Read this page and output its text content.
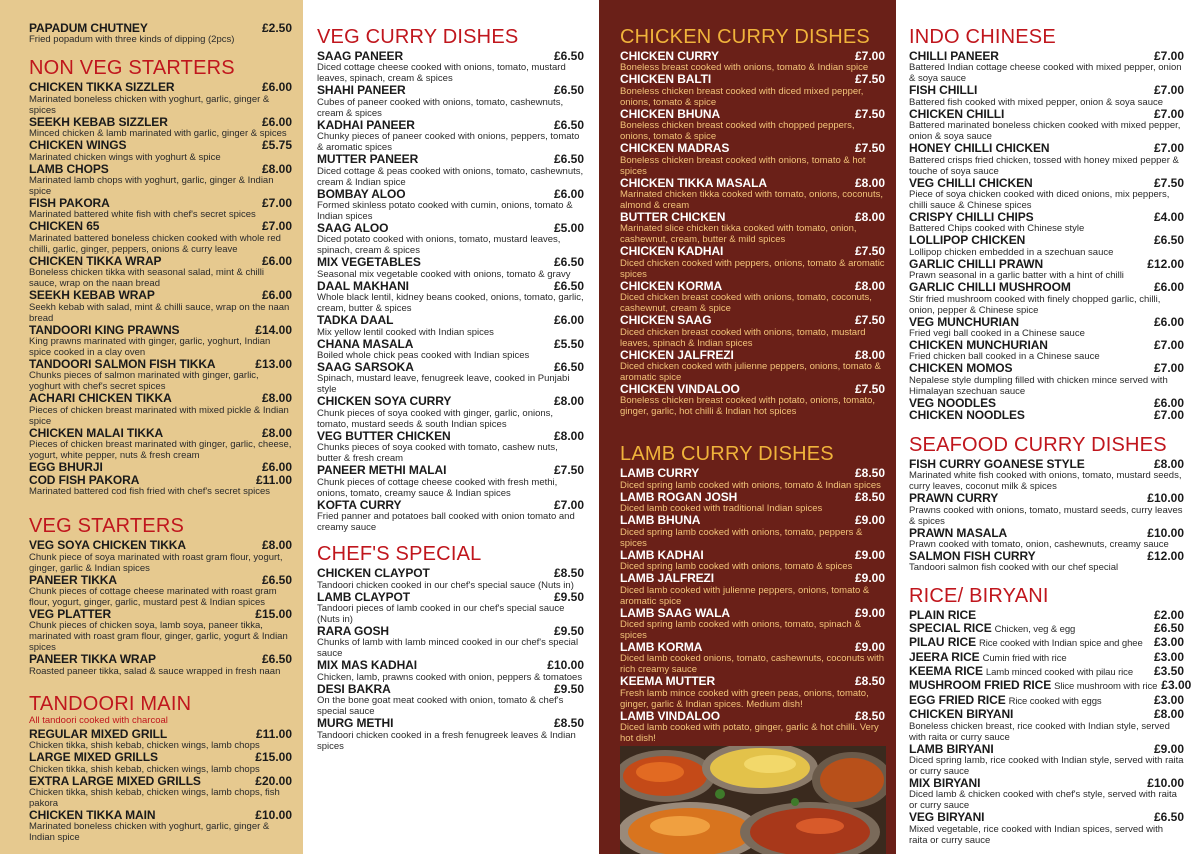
PAPADUM CHUTNEY	£2.50
Fried popadum with three kinds of dipping (2pcs)
NON VEG STARTERS
CHICKEN TIKKA SIZZLER	£6.00
Marinated boneless chicken with yoghurt, garlic, ginger & spices
SEEKH KEBAB SIZZLER	£6.00
Minced chicken & lamb marinated with garlic, ginger & spices
CHICKEN WINGS	£5.75
Marinated chicken wings with yoghurt & spice
LAMB CHOPS	£8.00
Marinated lamb chops with yoghurt, garlic, ginger & Indian spice
FISH PAKORA	£7.00
Marinated battered white fish with chef's secret spices
CHICKEN 65	£7.00
Marinated battered boneless chicken cooked with whole red chilli, garlic, ginger, peppers, onions & curry leave
CHICKEN TIKKA WRAP	£6.00
Boneless chicken tikka with seasonal salad, mint & chilli sauce, wrap on the naan bread
SEEKH KEBAB WRAP	£6.00
Seekh kebab with salad, mint & chilli sauce, wrap on the naan bread
TANDOORI KING PRAWNS	£14.00
King prawns marinated with ginger, garlic, yoghurt, Indian spice cooked in a clay oven
TANDOORI SALMON FISH TIKKA	£13.00
Chunks pieces of salmon marinated with ginger, garlic, yoghurt with chef's secret spices
ACHARI CHICKEN TIKKA	£8.00
Pieces of chicken breast marinated with mixed pickle & Indian spice
CHICKEN MALAI TIKKA	£8.00
Pieces of chicken breast marinated with ginger, garlic, cheese, yogurt, white pepper, nuts & fresh cream
EGG BHURJI	£6.00
COD FISH PAKORA	£11.00
Marinated battered cod fish fried with chef's secret spices
VEG STARTERS
VEG SOYA CHICKEN TIKKA	£8.00
Chunk piece of soya marinated with roast gram flour, yogurt, ginger, garlic & Indian spices
PANEER TIKKA	£6.50
Chunk pieces of cottage cheese marinated with roast gram flour, yogurt, ginger, garlic, mustard pest & Indian spices
VEG PLATTER	£15.00
Chunk pieces of chicken soya, lamb soya, paneer tikka, marinated with roast gram flour, ginger, garlic, yogurt & Indian spices
PANEER TIKKA WRAP	£6.50
Roasted paneer tikka, salad & sauce wrapped in fresh naan
TANDOORI MAIN
All tandoori cooked with charcoal
REGULAR MIXED GRILL	£11.00
Chicken tikka, shish kebab, chicken wings, lamb chops
LARGE MIXED GRILLS	£15.00
Chicken tikka, shish kebab, chicken wings, lamb chops
EXTRA LARGE MIXED GRILLS	£20.00
Chicken tikka, shish kebab, chicken wings, lamb chops, fish pakora
CHICKEN TIKKA MAIN	£10.00
Marinated boneless chicken with yoghurt, garlic, ginger & Indian spice
VEG CURRY DISHES
SAAG PANEER	£6.50
Diced cottage cheese cooked with onions, tomato, mustard leaves, spinach, cream & spices
SHAHI PANEER	£6.50
Cubes of paneer cooked with onions, tomato, cashewnuts, cream & spices
KADHAI PANEER	£6.50
Chunky pieces of paneer cooked with onions, peppers, tomato & aromatic spices
MUTTER PANEER	£6.50
Diced cottage & peas cooked with onions, tomato, cashewnuts, cream & Indian spice
BOMBAY ALOO	£6.00
Formed skinless potato cooked with cumin, onions, tomato & Indian spices
SAAG ALOO	£5.00
Diced potato cooked with onions, tomato, mustard leaves, spinach, cream & spices
MIX VEGETABLES	£6.50
Seasonal mix vegetable cooked with onions, tomato & gravy
DAAL MAKHANI	£6.50
Whole black lentil, kidney beans cooked, onions, tomato, garlic, cream, butter & spices
TADKA DAAL	£6.00
Mix yellow lentil cooked with Indian spices
CHANA MASALA	£5.50
Boiled whole chick peas cooked with Indian spices
SAAG SARSOKA	£6.50
Spinach, mustard leave, fenugreek leave, cooked in Punjabi style
CHICKEN SOYA CURRY	£8.00
Chunk pieces of soya cooked with ginger, garlic, onions, tomato, mustard seeds & south Indian spices
VEG BUTTER CHICKEN	£8.00
Chunks pieces of soya cooked with tomato, cashew nuts, butter & fresh cream
PANEER METHI MALAI	£7.50
Chunk pieces of cottage cheese cooked with fresh methi, onions, tomato, creamy sauce & Indian spices
KOFTA CURRY	£7.00
Fried panner and potatoes ball cooked with onion tomato and creamy sauce
CHEF'S SPECIAL
CHICKEN CLAYPOT	£8.50
Tandoori chicken cooked in our chef's special sauce (Nuts in)
LAMB CLAYPOT	£9.50
Tandoori pieces of lamb cooked in our chef's special sauce (Nuts in)
RARA GOSH	£9.50
Chunks of lamb with lamb minced cooked in our chef's special sauce
MIX MAS KADHAI	£10.00
Chicken, lamb, prawns cooked with onion, peppers & tomatoes
DESI BAKRA	£9.50
On the bone goat meat cooked with onion, tomato & chef's special sauce
MURG METHI	£8.50
Tandoori chicken cooked in a fresh fenugreek leaves & Indian spices
CHICKEN CURRY DISHES
CHICKEN CURRY	£7.00
Boneless breast cooked with onions, tomato & Indian spice
CHICKEN BALTI	£7.50
Boneless chicken breast cooked with diced mixed pepper, onions, tomato & spice
CHICKEN BHUNA	£7.50
Boneless chicken breast cooked with chopped peppers, onions, tomato & spice
CHICKEN MADRAS	£7.50
Boneless chicken breast cooked with onions, tomato & hot spices
CHICKEN TIKKA MASALA	£8.00
Marinated chicken tikka cooked with tomato, onions, coconuts, almond & cream
BUTTER CHICKEN	£8.00
Marinated slice chicken tikka cooked with tomato, onion, cashewnut, cream, butter & mild spices
CHICKEN KADHAI	£7.50
Diced chicken cooked with peppers, onions, tomato & aromatic spices
CHICKEN KORMA	£8.00
Diced chicken breast cooked with onions, tomato, coconuts, cashewnut, cream & spice
CHICKEN SAAG	£7.50
Diced chicken breast cooked with onions, tomato, mustard leaves, spinach & Indian spices
CHICKEN JALFREZI	£8.00
Diced chicken cooked with julienne peppers, onions, tomato & aromatic spice
CHICKEN VINDALOO	£7.50
Boneless chicken breast cooked with potato, onions, tomato, ginger, garlic, hot chilli & Indian hot spices
LAMB CURRY DISHES
LAMB CURRY	£8.50
Diced spring lamb cooked with onions, tomato & Indian spices
LAMB ROGAN JOSH	£8.50
Diced lamb cooked with traditional Indian spices
LAMB BHUNA	£9.00
Diced spring lamb cooked with onions, tomato, peppers & spices
LAMB KADHAI	£9.00
Diced spring lamb cooked with onions, tomato & spices
LAMB JALFREZI	£9.00
Diced lamb cooked with julienne peppers, onions, tomato & aromatic spice
LAMB SAAG WALA	£9.00
Diced spring lamb cooked with onions, tomato, spinach & spices
LAMB KORMA	£9.00
Diced lamb cooked onions, tomato, cashewnuts, coconuts with rich creamy sauce
KEEMA MUTTER	£8.50
Fresh lamb mince cooked with green peas, onions, tomato, ginger, garlic & Indian spices. Medium dish!
LAMB VINDALOO	£8.50
Diced lamb cooked with potato, ginger, garlic & hot chilli. Very hot dish!
INDO CHINESE
CHILLI PANEER	£7.00
Battered Indian cottage cheese cooked with mixed pepper, onion & soya sauce
FISH CHILLI	£7.00
Battered fish cooked with mixed pepper, onion & soya sauce
CHICKEN CHILLI	£7.00
Battered marinated boneless chicken cooked with mixed pepper, onion & soya sauce
HONEY CHILLI CHICKEN	£7.00
Battered crisps fried chicken, tossed with honey mixed pepper & touche of soya sauce
VEG CHILLI CHICKEN	£7.50
Piece of soya chicken cooked with diced onions, mix peppers, chilli sauce & Chinese spices
CRISPY CHILLI CHIPS	£4.00
Battered Chips cooked with Chinese style
LOLLIPOP CHICKEN	£6.50
Lollipop chicken embedded in a szechuan sauce
GARLIC CHILLI PRAWN	£12.00
Prawn seasonal in a garlic batter with a hint of chilli
GARLIC CHILLI MUSHROOM	£6.00
Stir fried mushroom cooked with finely chopped garlic, chilli, onion, pepper & Chinese spice
VEG MUNCHURIAN	£6.00
Fried vegi ball cooked in a Chinese sauce
CHICKEN MUNCHURIAN	£7.00
Fried chicken ball cooked in a Chinese sauce
CHICKEN MOMOS	£7.00
Nepalese style dumpling filled with chicken mince served with Himalayan szechuan sauce
VEG NOODLES	£6.00
CHICKEN NOODLES	£7.00
SEAFOOD CURRY DISHES
FISH CURRY GOANESE STYLE	£8.00
Marinated white fish cooked with onions, tomato, mustard seeds, curry leaves, coconut milk & spices
PRAWN CURRY	£10.00
Prawns cooked with onions, tomato, mustard seeds, curry leaves & spices
PRAWN MASALA	£10.00
Prawn cooked with tomato, onion, cashewnuts, creamy sauce
SALMON FISH CURRY	£12.00
Tandoori salmon fish cooked with our chef special
RICE/ BIRYANI
PLAIN RICE	£2.00
SPECIAL RICE Chicken, veg & egg	£6.50
PILAU RICE Rice cooked with Indian spice and ghee £3.00
JEERA RICE Cumin fried with rice	£3.00
KEEMA RICE Lamb minced cooked with pilau rice £3.50
MUSHROOM FRIED RICE Slice mushroom with rice £3.00
EGG FRIED RICE Rice cooked with eggs	£3.00
CHICKEN BIRYANI	£8.00
Boneless chicken breast, rice cooked with Indian style, served with raita or curry sauce
LAMB BIRYANI	£9.00
Diced spring lamb, rice cooked with Indian style, served with raita or curry sauce
MIX BIRYANI	£10.00
Diced lamb & chicken cooked with chef's style, served with raita or curry sauce
VEG BIRYANI	£6.50
Mixed vegetable, rice cooked with Indian spices, served with raita or curry sauce
